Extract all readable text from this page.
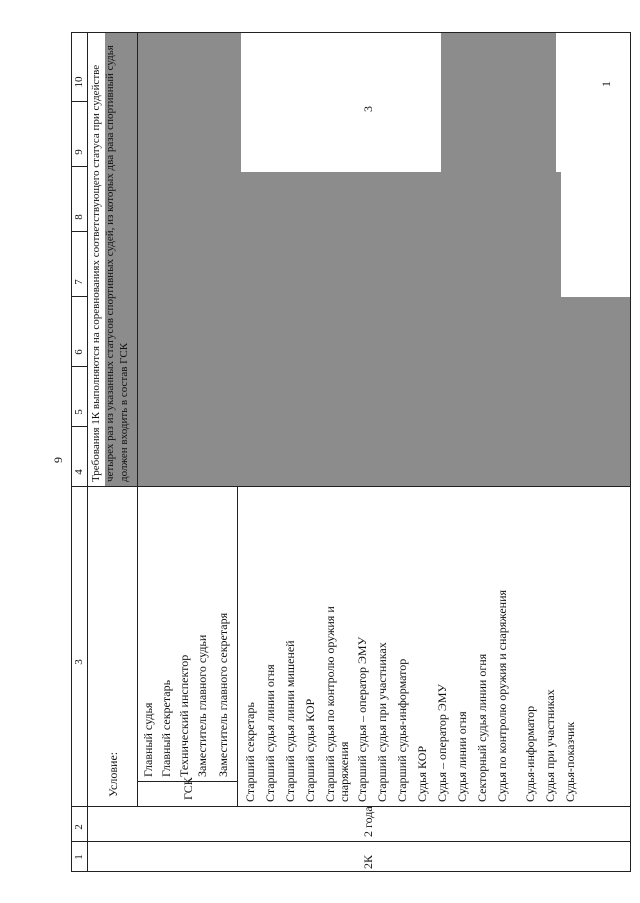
9
1
3
1
2
3
4
5
6
7
8
9
10
2К
2 года
Условие:
Требования 1К выполняются на соревнованиях соответствующего статуса при судействе четырех раз из указанных статусов спортивных судей, из которых два раза спортивный судья должен входить в состав ГСК
ГСК
Главный судья Главный секретарь Технический инспектор Заместитель главного судьи Заместитель главного секретаря Старший секретарь Старший судья линии огня Старший судья линии мишеней Старший судья КОР Старший судья по контролю оружия и снаряжения Старший судья – оператор ЭМУ Старший судья при участниках Старший судья-информатор Судья КОР Судья – оператор ЭМУ Судья линии огня Секторный судья линии огня Судья по контролю оружия и снаряжения Судья-информатор Судья при участниках Судья-показчик
